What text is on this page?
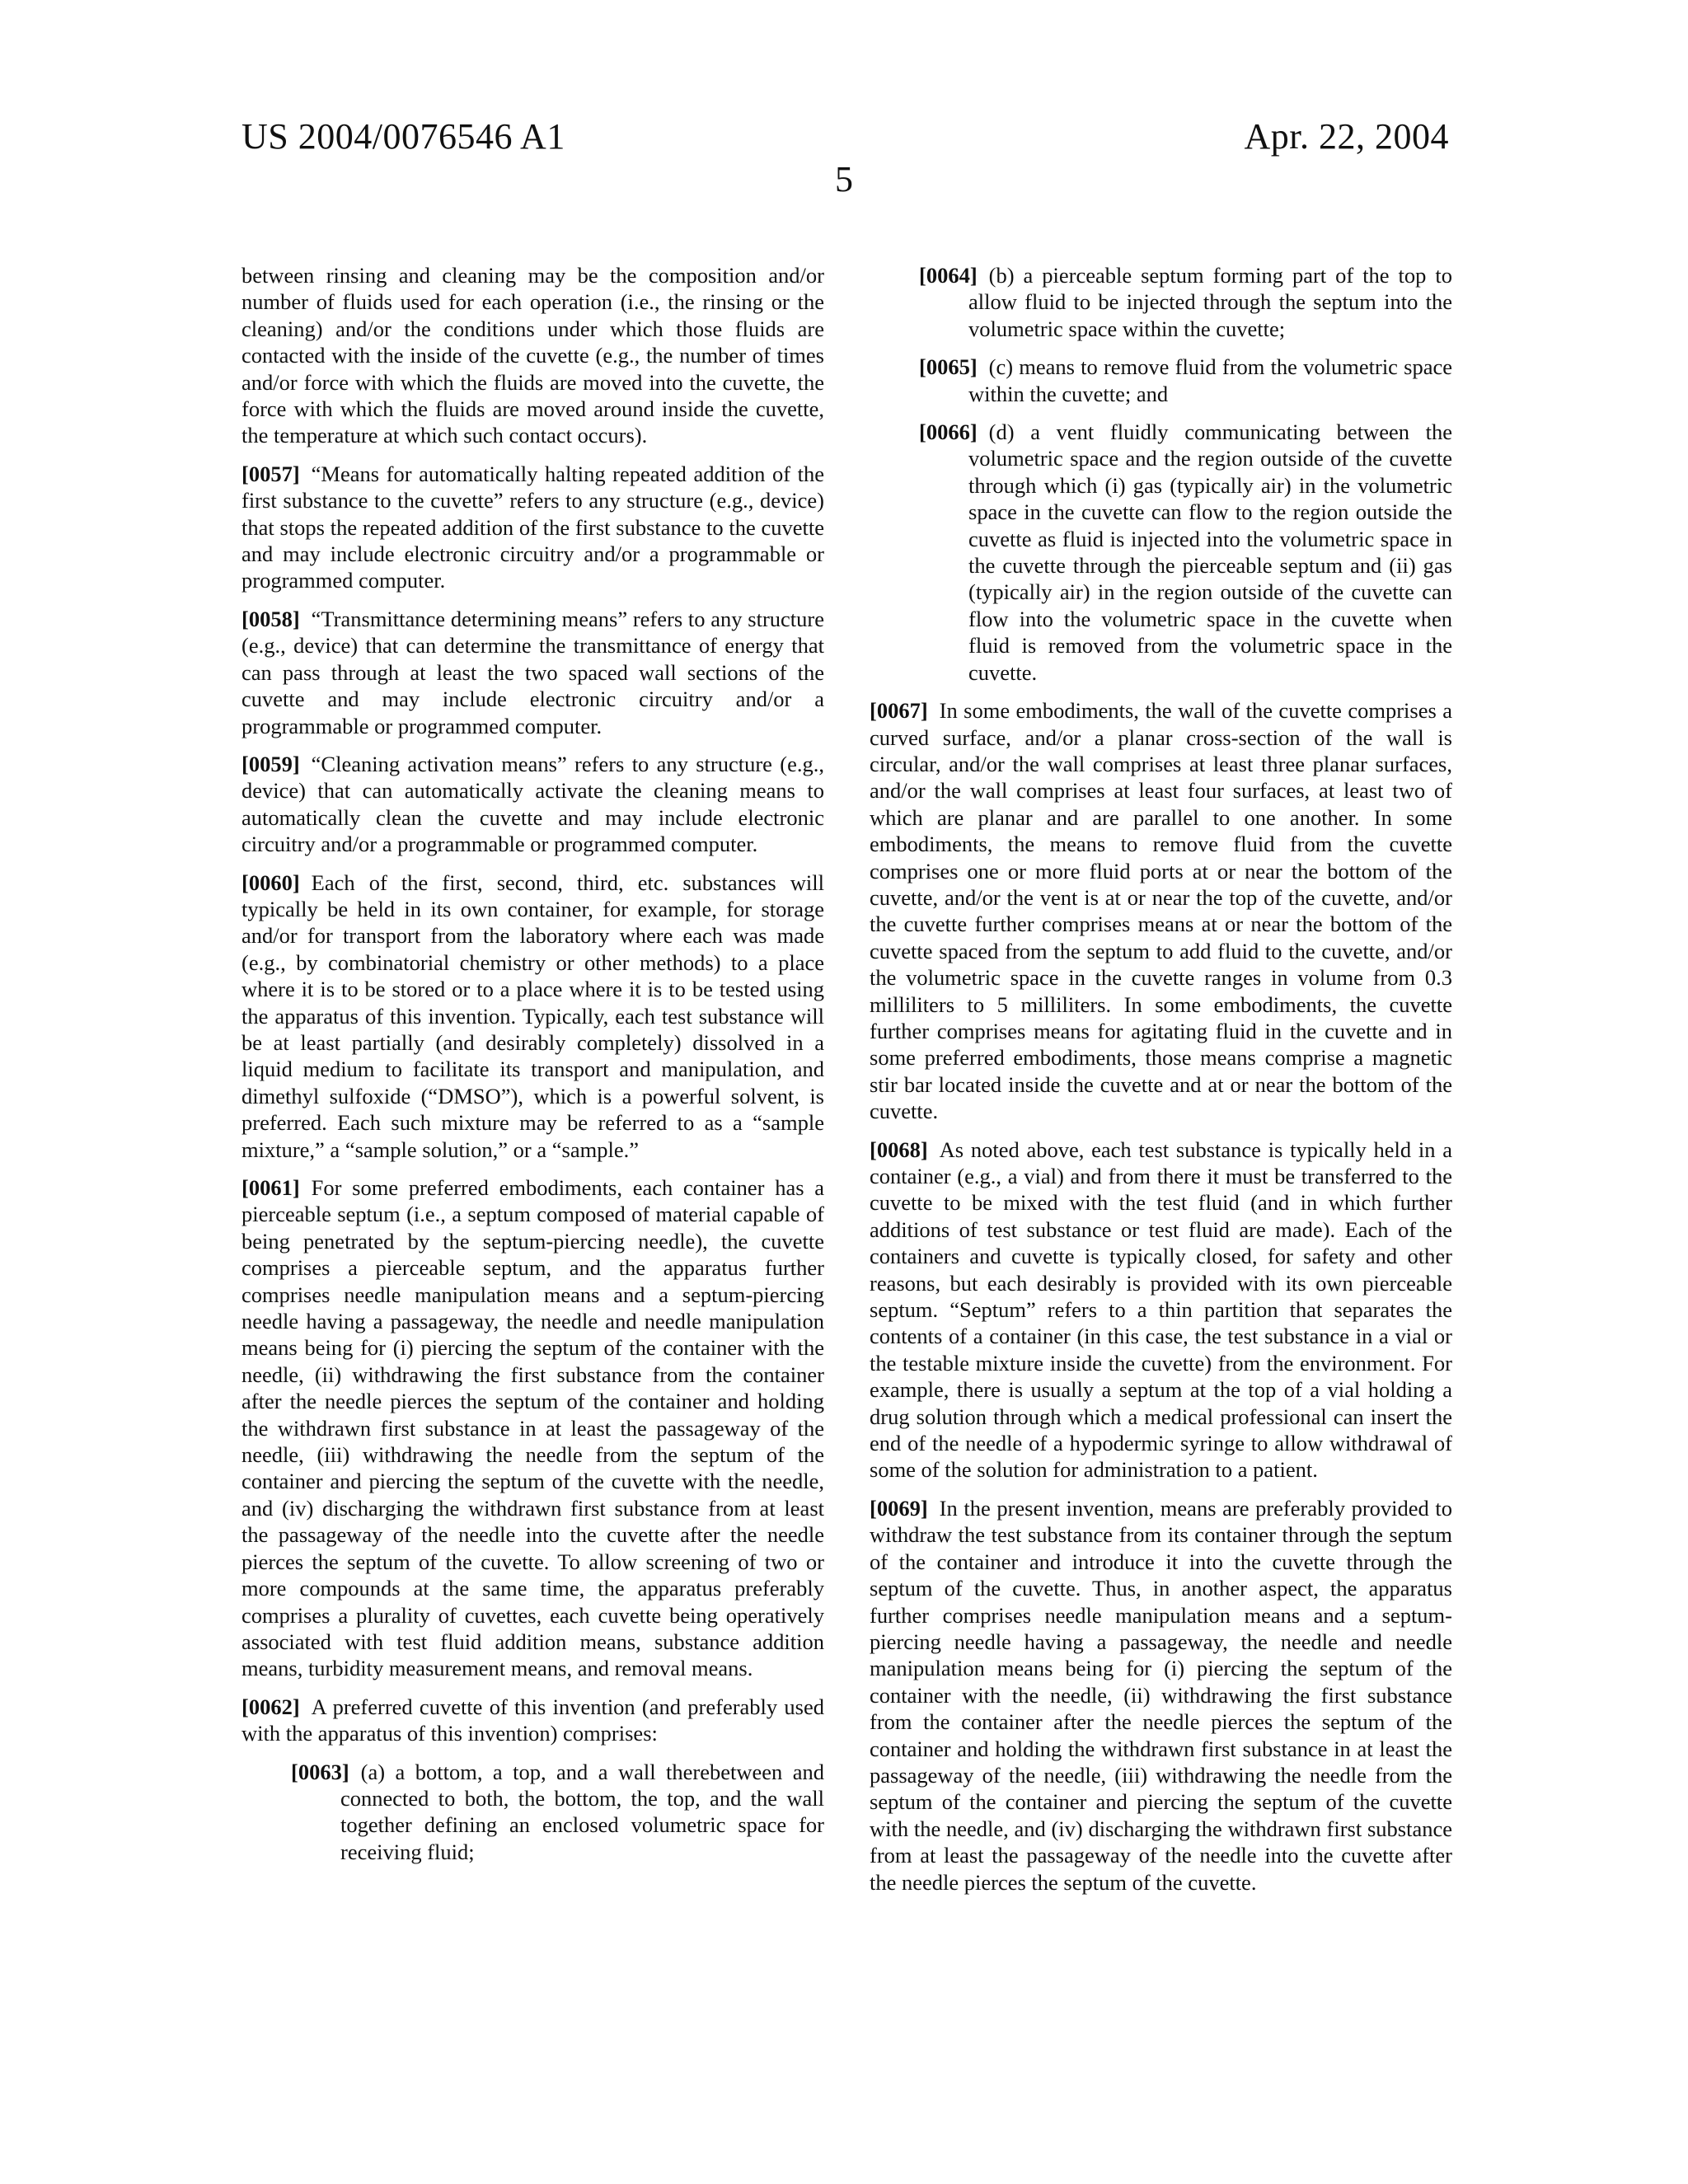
US 2004/0076546 A1	Apr. 22, 2004
5

between rinsing and cleaning may be the composition and/or number of fluids used for each operation (i.e., the rinsing or the cleaning) and/or the conditions under which those fluids are contacted with the inside of the cuvette (e.g., the number of times and/or force with which the fluids are moved into the cuvette, the force with which the fluids are moved around inside the cuvette, the temperature at which such contact occurs).

[ 0057 ] “Means for automatically halting repeated addition of the first substance to the cuvette” refers to any structure (e.g., device) that stops the repeated addition of the first substance to the cuvette and may include electronic circuitry and/or a programmable or programmed computer.

[ 0058 ] “Transmittance determining means” refers to any structure (e.g., device) that can determine the transmittance of energy that can pass through at least the two spaced wall sections of the cuvette and may include electronic circuitry and/or a programmable or programmed computer.

[ 0059 ] “Cleaning activation means” refers to any structure (e.g., device) that can automatically activate the cleaning means to automatically clean the cuvette and may include electronic circuitry and/or a programmable or programmed computer.

[ 0060 ] Each of the first, second, third, etc. substances will typically be held in its own container, for example, for storage and/or for transport from the laboratory where each was made (e.g., by combinatorial chemistry or other methods) to a place where it is to be stored or to a place where it is to be tested using the apparatus of this invention. Typically, each test substance will be at least partially (and desirably completely) dissolved in a liquid medium to facilitate its transport and manipulation, and dimethyl sulfoxide (“DMSO”), which is a powerful solvent, is preferred. Each such mixture may be referred to as a “sample mixture,” a “sample solution,” or a “sample.”

[ 0061 ] For some preferred embodiments, each container has a pierceable septum (i.e., a septum composed of material capable of being penetrated by the septum-piercing needle), the cuvette comprises a pierceable septum, and the apparatus further comprises needle manipulation means and a septum-piercing needle having a passageway, the needle and needle manipulation means being for (i) piercing the septum of the container with the needle, (ii) withdrawing the first substance from the container after the needle pierces the septum of the container and holding the withdrawn first substance in at least the passageway of the needle, (iii) withdrawing the needle from the septum of the container and piercing the septum of the cuvette with the needle, and (iv) discharging the withdrawn first substance from at least the passageway of the needle into the cuvette after the needle pierces the septum of the cuvette. To allow screening of two or more compounds at the same time, the apparatus preferably comprises a plurality of cuvettes, each cuvette being operatively associated with test fluid addition means, substance addition means, turbidity measurement means, and removal means.

[ 0062 ] A preferred cuvette of this invention (and preferably used with the apparatus of this invention) comprises:

[ 0063 ] (a) a bottom, a top, and a wall therebetween and connected to both, the bottom, the top, and the wall together defining an enclosed volumetric space for receiving fluid;

[ 0064 ] (b) a pierceable septum forming part of the top to allow fluid to be injected through the septum into the volumetric space within the cuvette;

[ 0065 ] (c) means to remove fluid from the volumetric space within the cuvette; and

[ 0066 ] (d) a vent fluidly communicating between the volumetric space and the region outside of the cuvette through which (i) gas (typically air) in the volumetric space in the cuvette can flow to the region outside the cuvette as fluid is injected into the volumetric space in the cuvette through the pierceable septum and (ii) gas (typically air) in the region outside of the cuvette can flow into the volumetric space in the cuvette when fluid is removed from the volumetric space in the cuvette.

[ 0067 ] In some embodiments, the wall of the cuvette comprises a curved surface, and/or a planar cross-section of the wall is circular, and/or the wall comprises at least three planar surfaces, and/or the wall comprises at least four surfaces, at least two of which are planar and are parallel to one another. In some embodiments, the means to remove fluid from the cuvette comprises one or more fluid ports at or near the bottom of the cuvette, and/or the vent is at or near the top of the cuvette, and/or the cuvette further comprises means at or near the bottom of the cuvette spaced from the septum to add fluid to the cuvette, and/or the volumetric space in the cuvette ranges in volume from 0.3 milliliters to 5 milliliters. In some embodiments, the cuvette further comprises means for agitating fluid in the cuvette and in some preferred embodiments, those means comprise a magnetic stir bar located inside the cuvette and at or near the bottom of the cuvette.

[ 0068 ] As noted above, each test substance is typically held in a container (e.g., a vial) and from there it must be transferred to the cuvette to be mixed with the test fluid (and in which further additions of test substance or test fluid are made). Each of the containers and cuvette is typically closed, for safety and other reasons, but each desirably is provided with its own pierceable septum. “Septum” refers to a thin partition that separates the contents of a container (in this case, the test substance in a vial or the testable mixture inside the cuvette) from the environment. For example, there is usually a septum at the top of a vial holding a drug solution through which a medical professional can insert the end of the needle of a hypodermic syringe to allow withdrawal of some of the solution for administration to a patient.

[ 0069 ] In the present invention, means are preferably provided to withdraw the test substance from its container through the septum of the container and introduce it into the cuvette through the septum of the cuvette. Thus, in another aspect, the apparatus further comprises needle manipulation means and a septum-piercing needle having a passageway, the needle and needle manipulation means being for (i) piercing the septum of the container with the needle, (ii) withdrawing the first substance from the container after the needle pierces the septum of the container and holding the withdrawn first substance in at least the passageway of the needle, (iii) withdrawing the needle from the septum of the container and piercing the septum of the cuvette with the needle, and (iv) discharging the withdrawn first substance from at least the passageway of the needle into the cuvette after the needle pierces the septum of the cuvette.
